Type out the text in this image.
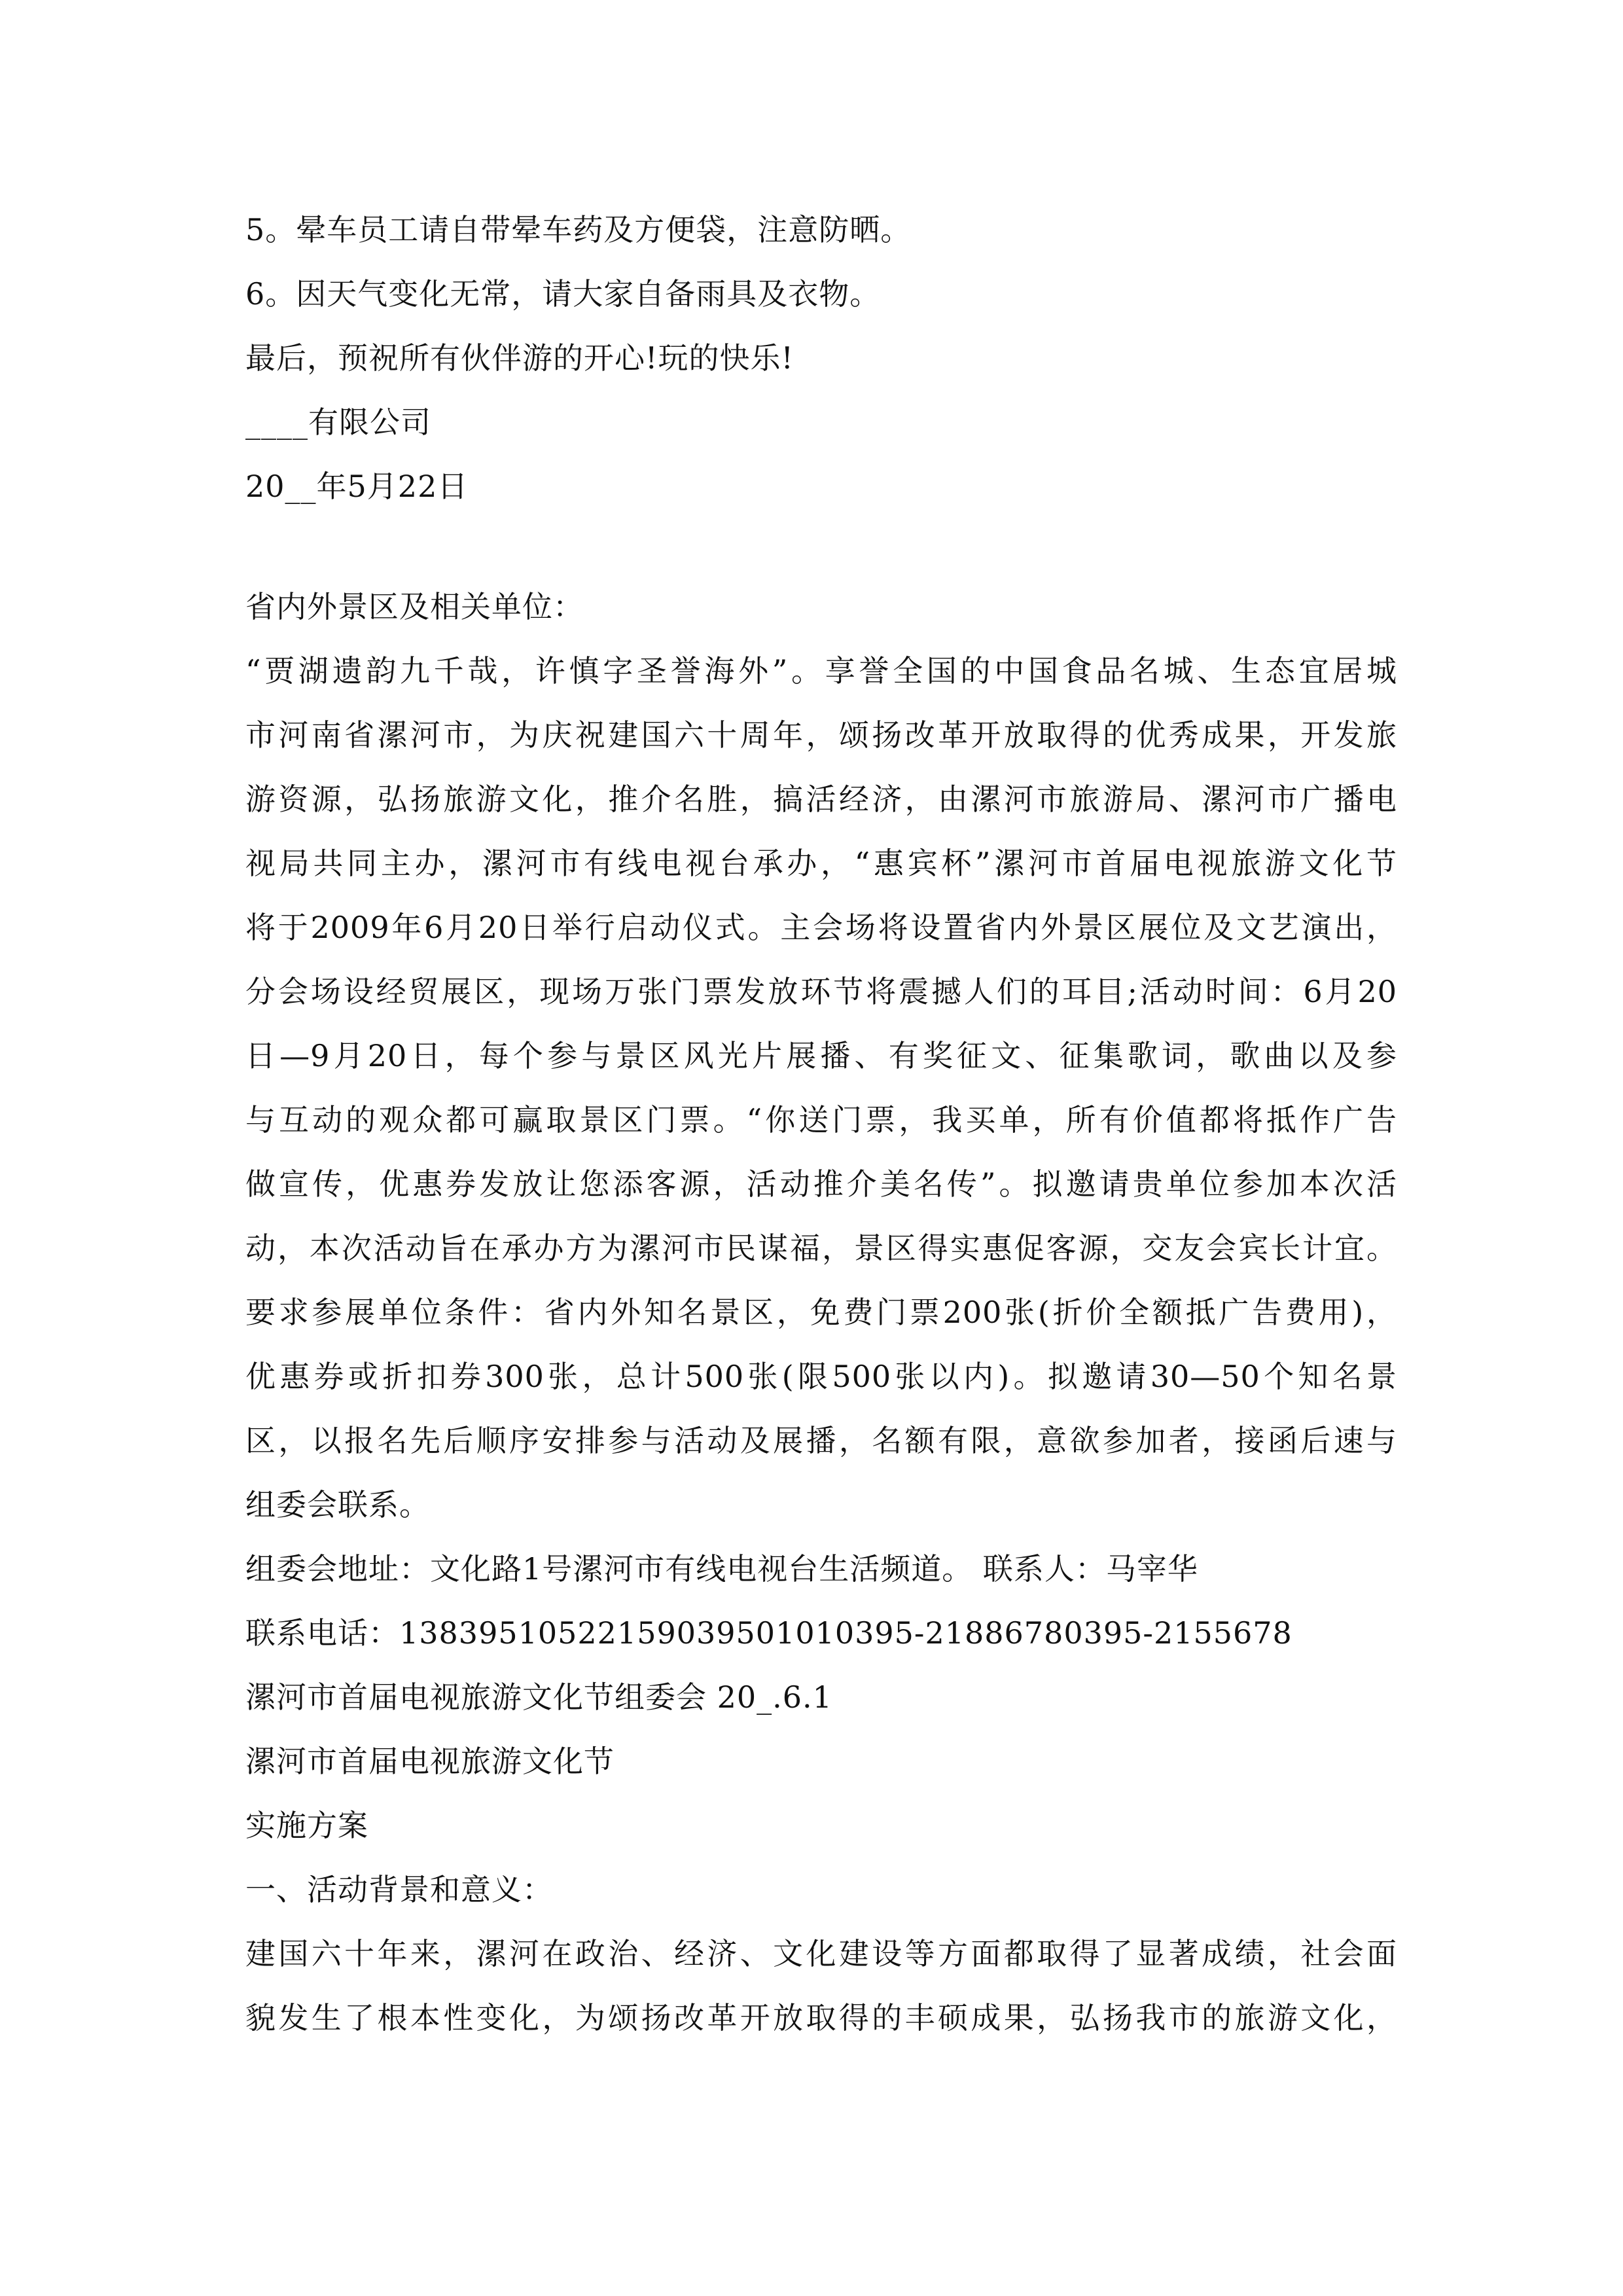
5。晕车员工请自带晕车药及方便袋，注意防晒。
6。因天气变化无常，请大家自备雨具及衣物。
最后，预祝所有伙伴游的开心!玩的快乐!
____有限公司
20__年5月22日
省内外景区及相关单位：
“贾湖遗韵九千哉，许慎字圣誉海外”。享誉全国的中国食品名城、生态宜居城
市河南省漯河市，为庆祝建国六十周年，颂扬改革开放取得的优秀成果，开发旅
游资源，弘扬旅游文化，推介名胜，搞活经济，由漯河市旅游局、漯河市广播电
视局共同主办，漯河市有线电视台承办，“惠宾杯”漯河市首届电视旅游文化节
将于2009年6月20日举行启动仪式。主会场将设置省内外景区展位及文艺演出，
分会场设经贸展区，现场万张门票发放环节将震撼人们的耳目;活动时间：6月20
日—9月20日，每个参与景区风光片展播、有奖征文、征集歌词，歌曲以及参
与互动的观众都可赢取景区门票。“你送门票，我买单，所有价值都将抵作广告
做宣传，优惠券发放让您添客源，活动推介美名传”。拟邀请贵单位参加本次活
动，本次活动旨在承办方为漯河市民谋福，景区得实惠促客源，交友会宾长计宜。
要求参展单位条件：省内外知名景区，免费门票200张(折价全额抵广告费用)，
优惠券或折扣券300张，总计500张(限500张以内)。拟邀请30—50个知名景
区，以报名先后顺序安排参与活动及展播，名额有限，意欲参加者，接函后速与
组委会联系。
组委会地址：文化路1号漯河市有线电视台生活频道。 联系人：马宰华
联系电话：13839510522159039501010395-21886780395-2155678
漯河市首届电视旅游文化节组委会 20_.6.1
漯河市首届电视旅游文化节
实施方案
一、活动背景和意义：
建国六十年来，漯河在政治、经济、文化建设等方面都取得了显著成绩，社会面
貌发生了根本性变化，为颂扬改革开放取得的丰硕成果，弘扬我市的旅游文化，
